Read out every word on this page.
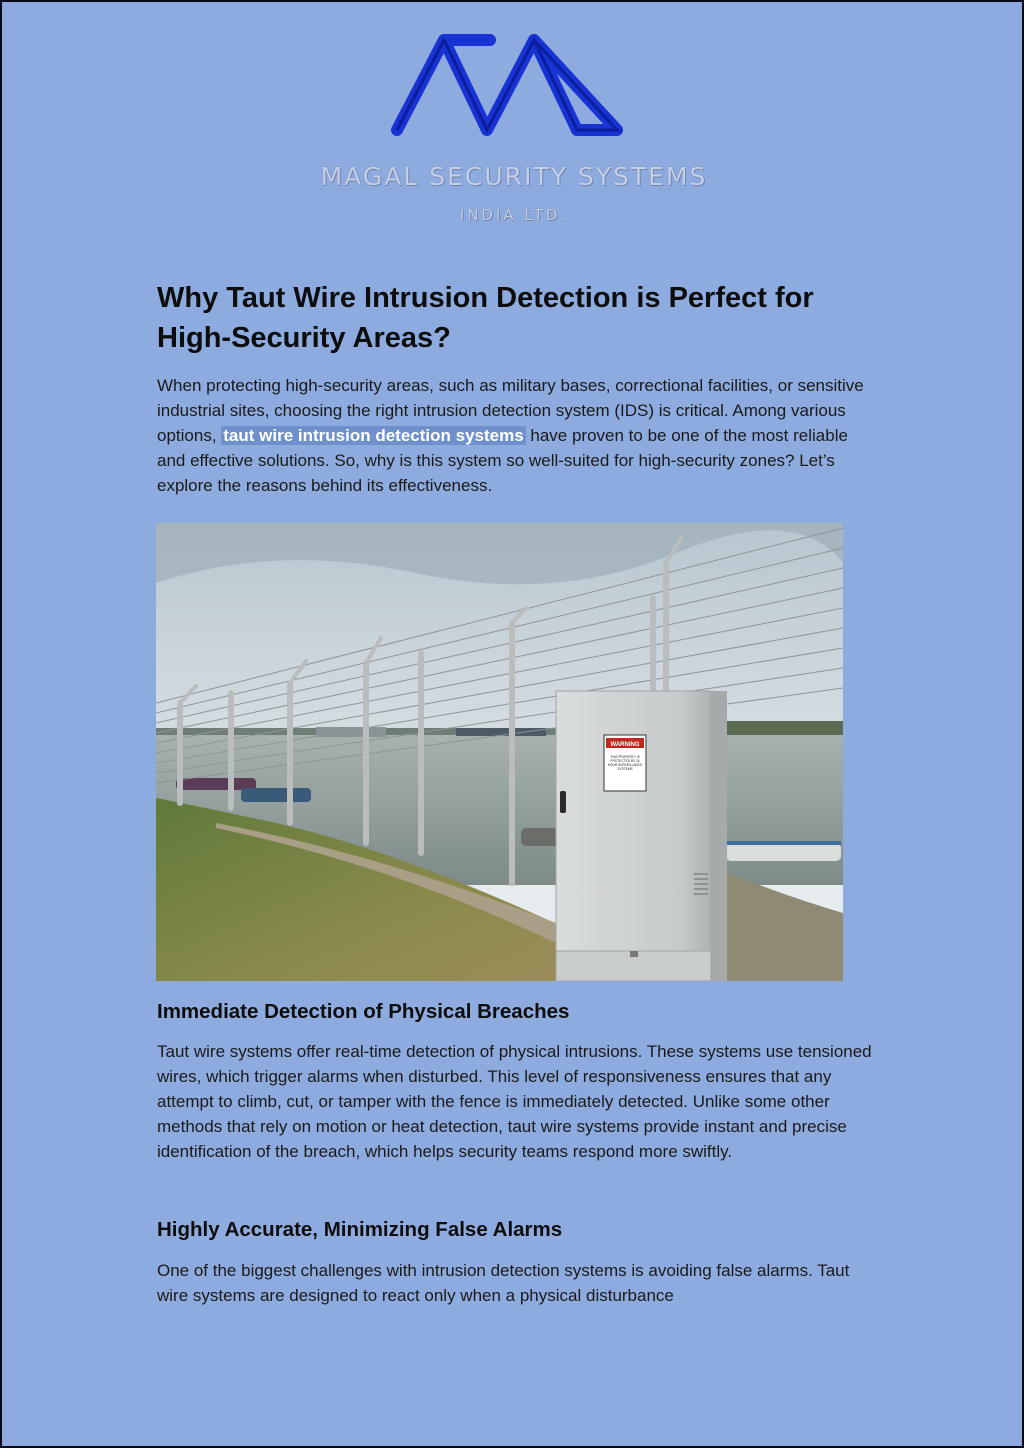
MAGAL SECURITY SYSTEMS
INDIA LTD.
Why Taut Wire Intrusion Detection is Perfect for
High-Security Areas?

When protecting high-security areas, such as military bases, correctional facilities, or sensitive industrial sites, choosing the right intrusion detection system (IDS) is critical. Among various options, taut wire intrusion detection systems have proven to be one of the most reliable and effective solutions. So, why is this system so well-suited for high-security zones? Let’s explore the reasons behind its effectiveness.

WARNING
THIS PROPERTY IS PROTECTED BY 24 HOUR SURVEILLANCE SYSTEMS
Immediate Detection of Physical Breaches

Taut wire systems offer real-time detection of physical intrusions. These systems use tensioned wires, which trigger alarms when disturbed. This level of responsiveness ensures that any attempt to climb, cut, or tamper with the fence is immediately detected. Unlike some other methods that rely on motion or heat detection, taut wire systems provide instant and precise identification of the breach, which helps security teams respond more swiftly.

Highly Accurate, Minimizing False Alarms

One of the biggest challenges with intrusion detection systems is avoiding false alarms. Taut wire systems are designed to react only when a physical disturbance
